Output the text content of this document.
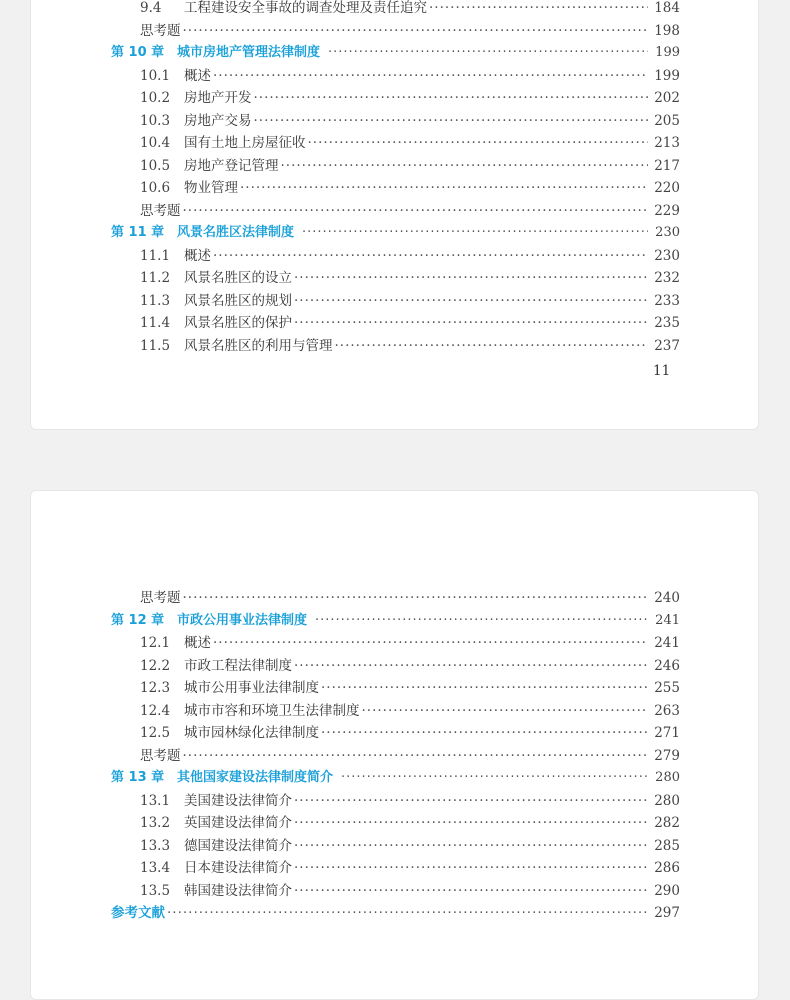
9.4	工程建设安全事故的调查处理及责任追究 ·····	184
思考题 ·····	198
第 10 章 城市房地产管理法律制度 ·····	199
10.1	概述 ·····	199
10.2	房地产开发 ·····	202
10.3	房地产交易 ·····	205
10.4	国有土地上房屋征收 ·····	213
10.5	房地产登记管理 ·····	217
10.6	物业管理 ·····	220
思考题 ·····	229
第 11 章 风景名胜区法律制度 ·····	230
11.1	概述 ·····	230
11.2	风景名胜区的设立 ·····	232
11.3	风景名胜区的规划 ·····	233
11.4	风景名胜区的保护 ·····	235
11.5	风景名胜区的利用与管理 ·····	237
11
思考题 ·····	240
第 12 章 市政公用事业法律制度 ·····	241
12.1	概述 ·····	241
12.2	市政工程法律制度 ·····	246
12.3	城市公用事业法律制度 ·····	255
12.4	城市市容和环境卫生法律制度 ·····	263
12.5	城市园林绿化法律制度 ·····	271
思考题 ·····	279
第 13 章 其他国家建设法律制度简介 ·····	280
13.1	美国建设法律简介 ·····	280
13.2	英国建设法律简介 ·····	282
13.3	德国建设法律简介 ·····	285
13.4	日本建设法律简介 ·····	286
13.5	韩国建设法律简介 ·····	290
参考文献 ·····	297
